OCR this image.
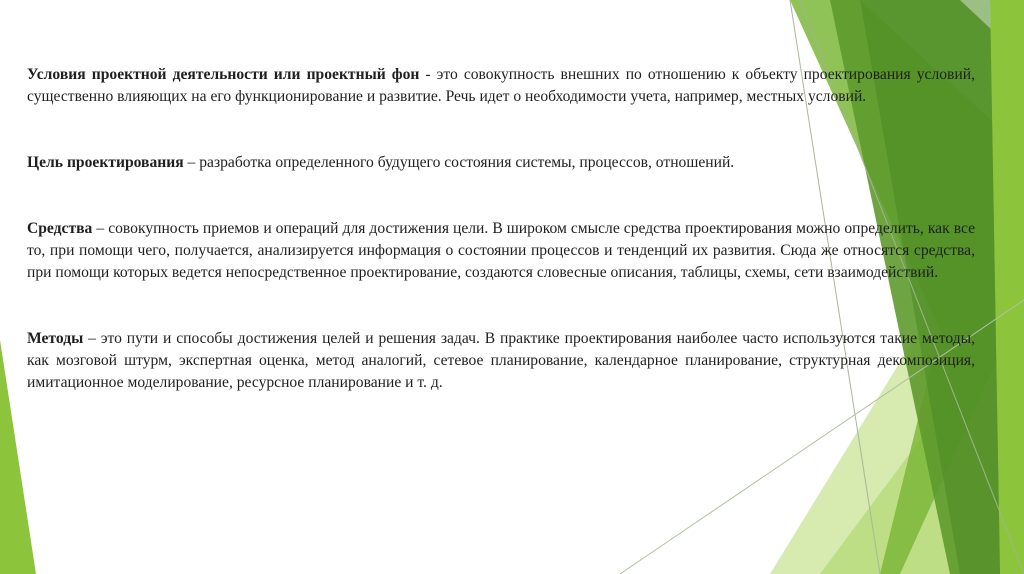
Условия проектной деятельности или проектный фон - это совокупность внешних по отношению к объекту проектирования условий, существенно влияющих на его функционирование и развитие. Речь идет о необходимости учета, например, местных условий.

Цель проектирования – разработка определенного будущего состояния системы, процессов, отношений.

Средства – совокупность приемов и операций для достижения цели. В широком смысле средства проектирования можно определить, как все то, при помощи чего, получается, анализируется информация о состоянии процессов и тенденций их развития. Сюда же относятся средства, при помощи которых ведется непосредственное проектирование, создаются словесные описания, таблицы, схемы, сети взаимодействий.

Методы – это пути и способы достижения целей и решения задач. В практике проектирования наиболее часто используются такие методы, как мозговой штурм, экспертная оценка, метод аналогий, сетевое планирование, календарное планирование, структурная декомпозиция, имитационное моделирование, ресурсное планирование и т. д.
